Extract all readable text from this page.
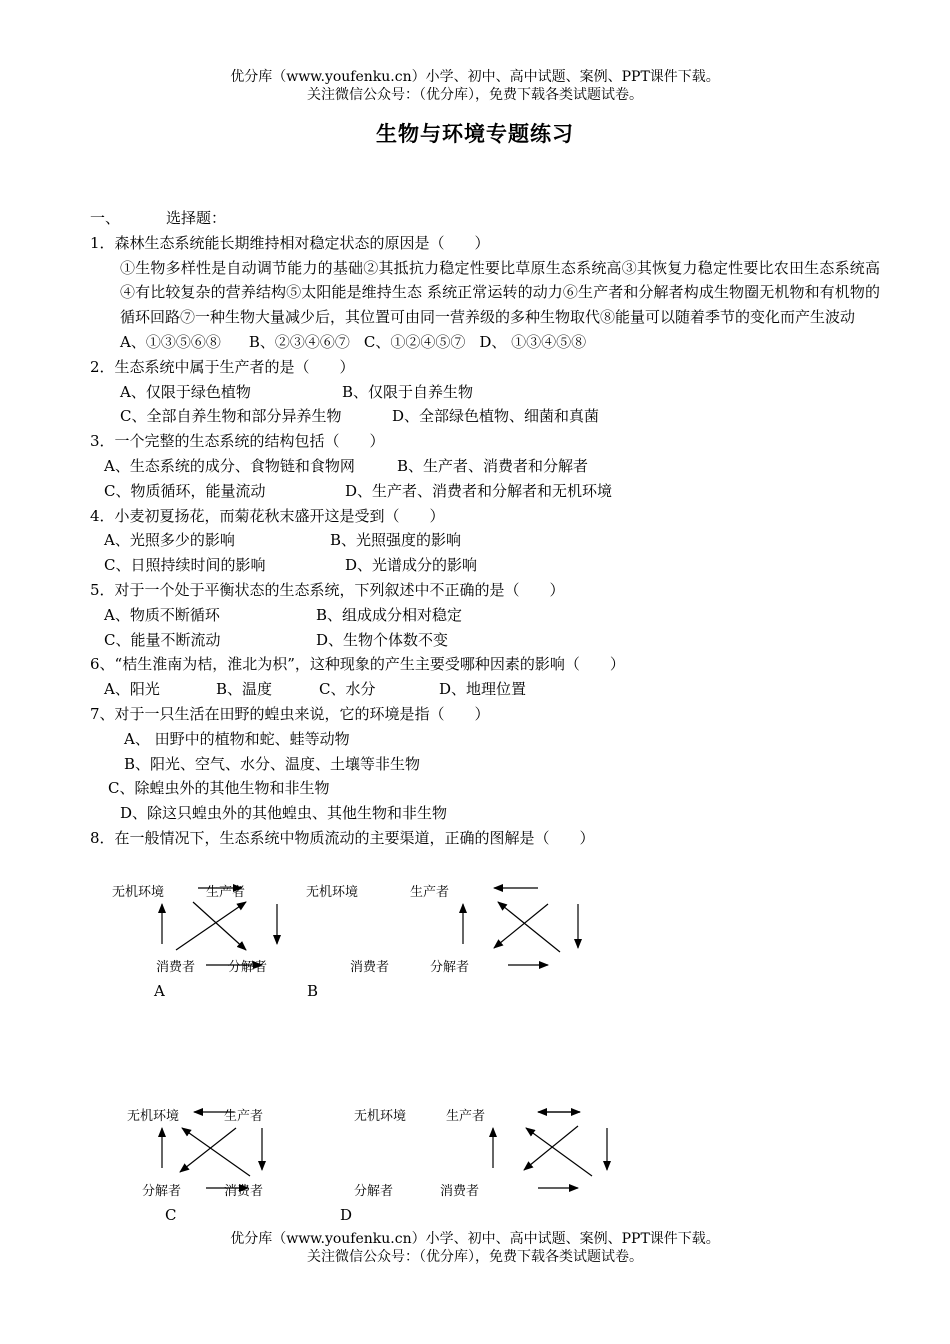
优分库（www.youfenku.cn）小学、初中、高中试题、案例、PPT课件下载。
关注微信公众号：（优分库），免费下载各类试题试卷。
生物与环境专题练习
一、	选择题：
1．森林生态系统能长期维持相对稳定状态的原因是（　　）
①生物多样性是自动调节能力的基础②其抵抗力稳定性要比草原生态系统高③其恢复力稳定性要比农田生态系统高④有比较复杂的营养结构⑤太阳能是维持生态 系统正常运转的动力⑥生产者和分解者构成生物圈无机物和有机物的循环回路⑦一种生物大量减少后，其位置可由同一营养级的多种生物取代⑧能量可以随着季节的变化而产生波动
A、①③⑤⑥⑧ B、②③④⑥⑦ C、①②④⑤⑦ D、 ①③④⑤⑧
2．生态系统中属于生产者的是（　　）
A、仅限于绿色植物	B、仅限于自养生物
C、全部自养生物和部分异养生物	D、全部绿色植物、细菌和真菌
3．一个完整的生态系统的结构包括（　　）
A、生态系统的成分、食物链和食物网	B、生产者、消费者和分解者
C、物质循环，能量流动	D、生产者、消费者和分解者和无机环境
4．小麦初夏扬花，而菊花秋末盛开这是受到（　　）
A、光照多少的影响	B、光照强度的影响
C、日照持续时间的影响	D、光谱成分的影响
5．对于一个处于平衡状态的生态系统，下列叙述中不正确的是（　　）
A、物质不断循环	B、组成成分相对稳定
C、能量不断流动	D、生物个体数不变
6、“桔生淮南为桔，淮北为枳”，这种现象的产生主要受哪种因素的影响（　　）
A、阳光	B、温度	C、水分	D、地理位置
7、对于一只生活在田野的蝗虫来说，它的环境是指（　　）
A、 田野中的植物和蛇、蛙等动物
B、阳光、空气、水分、温度、土壤等非生物
C、除蝗虫外的其他生物和非生物
D、除这只蝗虫外的其他蝗虫、其他生物和非生物
8．在一般情况下，生态系统中物质流动的主要渠道，正确的图解是（　　）
无机环境	生产者
消费者	分解者
A
无机环境	生产者
消费者	分解者
B
无机环境	生产者
分解者	消费者
C
无机环境	生产者
分解者	消费者
D
优分库（www.youfenku.cn）小学、初中、高中试题、案例、PPT课件下载。
关注微信公众号：（优分库），免费下载各类试题试卷。
